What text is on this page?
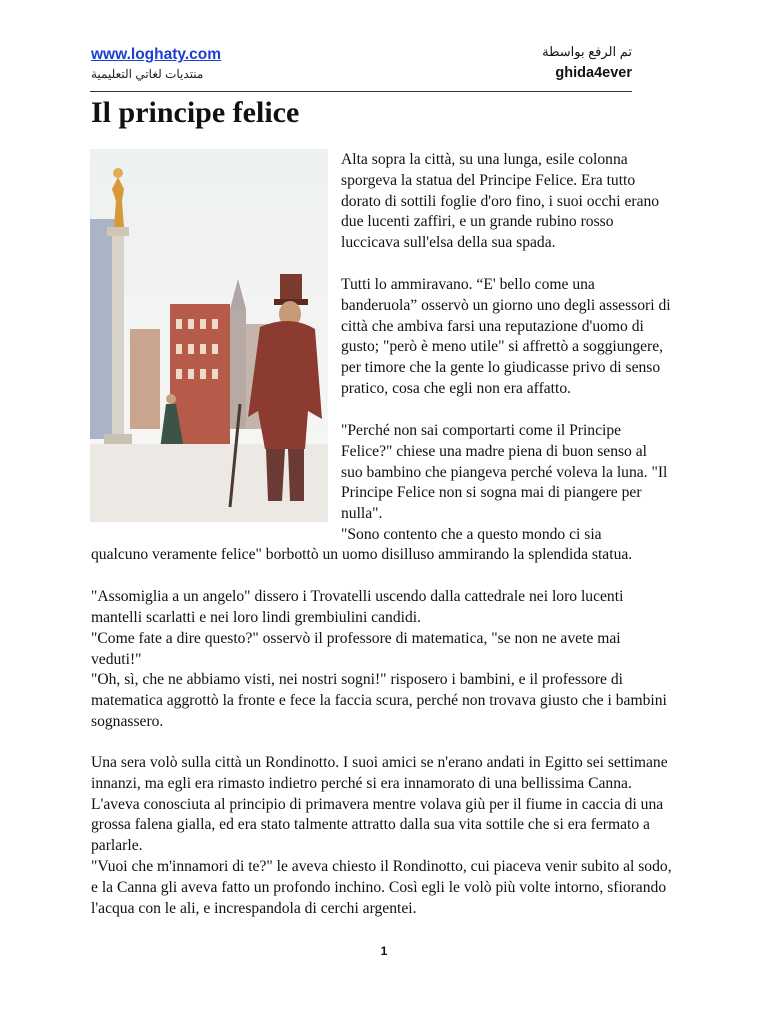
www.loghaty.com
منتديات لغاتي التعليمية
تم الرفع بواسطة
ghida4ever
Il principe felice

Alta sopra la città, su una lunga, esile colonna sporgeva la statua del Principe Felice. Era tutto dorato di sottili foglie d'oro fino, i suoi occhi erano due lucenti zaffiri, e un grande rubino rosso luccicava sull'elsa della sua spada.

Tutti lo ammiravano. “E' bello come una banderuola” osservò un giorno uno degli assessori di città che ambiva farsi una reputazione d'uomo di gusto; "però è meno utile" si affrettò a soggiungere, per timore che la gente lo giudicasse privo di senso pratico, cosa che egli non era affatto.

"Perché non sai comportarti come il Principe Felice?" chiese una madre piena di buon senso al suo bambino che piangeva perché voleva la luna. "Il Principe Felice non si sogna mai di piangere per nulla".

"Sono contento che a questo mondo ci sia

qualcuno veramente felice" borbottò un uomo disilluso ammirando la splendida statua.

"Assomiglia a un angelo" dissero i Trovatelli uscendo dalla cattedrale nei loro lucenti mantelli scarlatti e nei loro lindi grembiulini candidi.

"Come fate a dire questo?" osservò il professore di matematica, "se non ne avete mai veduti!"

"Oh, sì, che ne abbiamo visti, nei nostri sogni!" risposero i bambini, e il professore di matematica aggrottò la fronte e fece la faccia scura, perché non trovava giusto che i bambini sognassero.

Una sera volò sulla città un Rondinotto. I suoi amici se n'erano andati in Egitto sei settimane innanzi, ma egli era rimasto indietro perché si era innamorato di una bellissima Canna. L'aveva conosciuta al principio di primavera mentre volava giù per il fiume in caccia di una grossa falena gialla, ed era stato talmente attratto dalla sua vita sottile che si era fermato a parlarle.

"Vuoi che m'innamori di te?" le aveva chiesto il Rondinotto, cui piaceva venir subito al sodo, e la Canna gli aveva fatto un profondo inchino. Così egli le volò più volte intorno, sfiorando l'acqua con le ali, e increspandola di cerchi argentei.

1
